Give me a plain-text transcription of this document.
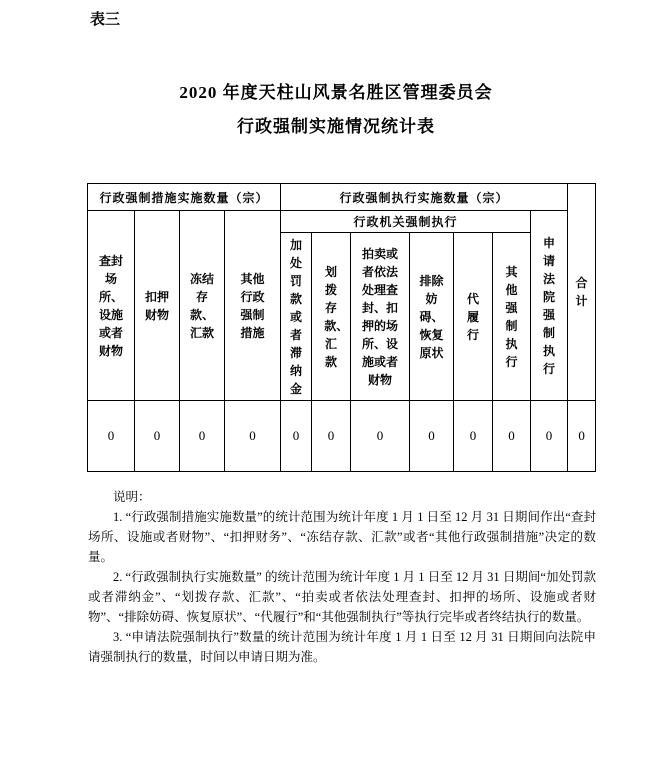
表三
2020 年度天柱山风景名胜区管理委员会
行政强制实施情况统计表
行政强制措施实施数量（宗）				行政强制执行实施数量（宗）							合计
查封场所、设施或者财物	扣押财物	冻结存款、汇款	其他行政强制措施	行政机关强制执行						申请法院强制执行	
				加处罚款或者滞纳金	划拨存款、汇款	拍卖或者依法处理查封、扣押的场所、设施或者财物	排除妨碍、恢复原状	代履行	其他强制执行		
0	0	0	0	0	0	0	0	0	0	0	0

说明：

1. “行政强制措施实施数量”的统计范围为统计年度 1 月 1 日至 12 月 31 日期间作出“查封场所、设施或者财物”、“扣押财务”、“冻结存款、汇款”或者“其他行政强制措施”决定的数量。

2. “行政强制执行实施数量” 的统计范围为统计年度 1 月 1 日至 12 月 31 日期间“加处罚款或者滞纳金”、“划拨存款、汇款”、“拍卖或者依法处理查封、扣押的场所、设施或者财物”、“排除妨碍、恢复原状”、“代履行”和“其他强制执行”等执行完毕或者终结执行的数量。

3. “申请法院强制执行”数量的统计范围为统计年度 1 月 1 日至 12 月 31 日期间向法院申请强制执行的数量，时间以申请日期为准。
